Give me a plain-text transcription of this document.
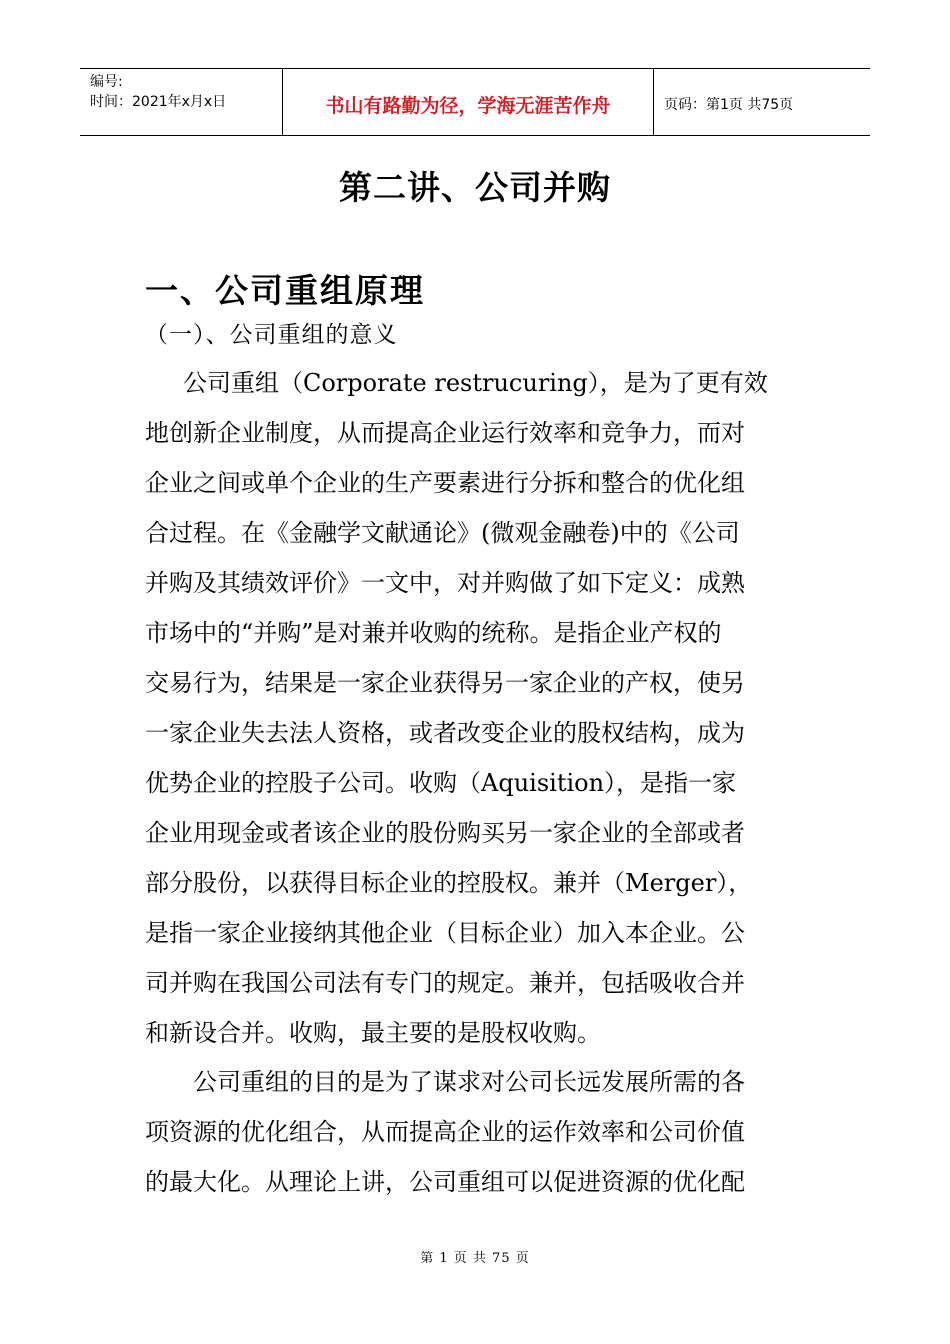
编号:
时间：2021年x月x日	书山有路勤为径，学海无涯苦作舟	页码：第1页 共75页
第二讲、公司并购
一、公司重组原理
（一）、公司重组的意义
公司重组（Corporate restrucuring），是为了更有效
地创新企业制度，从而提高企业运行效率和竞争力，而对
企业之间或单个企业的生产要素进行分拆和整合的优化组
合过程。在《金融学文献通论》(微观金融卷)中的《公司
并购及其绩效评价》一文中，对并购做了如下定义：成熟
市场中的“并购”是对兼并收购的统称。是指企业产权的
交易行为，结果是一家企业获得另一家企业的产权，使另
一家企业失去法人资格，或者改变企业的股权结构，成为
优势企业的控股子公司。收购（Aquisition），是指一家
企业用现金或者该企业的股份购买另一家企业的全部或者
部分股份，以获得目标企业的控股权。兼并（Merger），
是指一家企业接纳其他企业（目标企业）加入本企业。公
司并购在我国公司法有专门的规定。兼并，包括吸收合并
和新设合并。收购，最主要的是股权收购。
公司重组的目的是为了谋求对公司长远发展所需的各
项资源的优化组合，从而提高企业的运作效率和公司价值
的最大化。从理论上讲，公司重组可以促进资源的优化配
第 1 页 共 75 页
